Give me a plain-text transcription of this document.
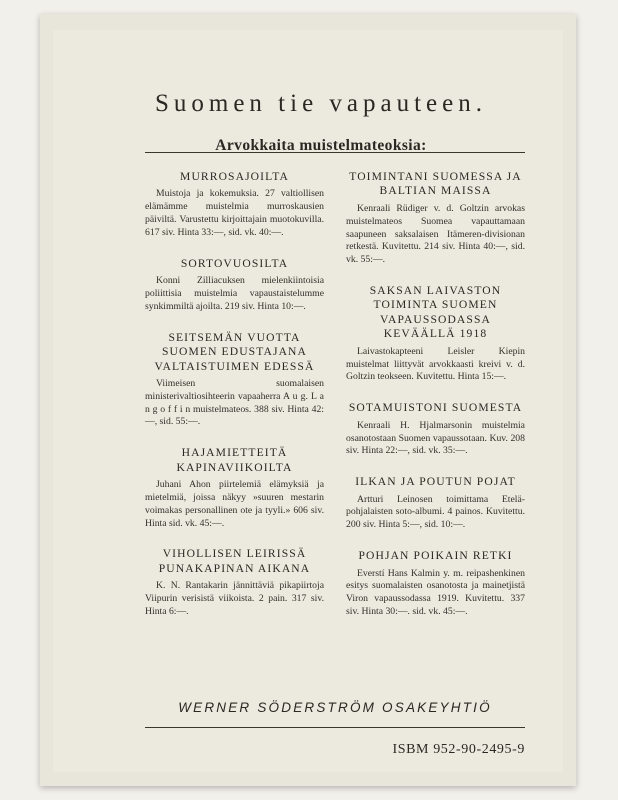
Suomen tie vapauteen.
Arvokkaita muistelmateoksia:
MURROSAJOILTA
Muistoja ja kokemuksia. 27 valtiollisen elämämme muistelmia murroskausien päiviltä. Varustettu kirjoittajain muotokuvilla. 617 siv. Hinta 33:—, sid. vk. 40:—.
SORTOVUOSILTA
Konni Zilliacuksen mielenkiintoisia poliittisia muistelmia vapaustaistelumme synkimmiltä ajoilta. 219 siv. Hinta 10:—.
SEITSEMÄN VUOTTA SUOMEN EDUSTAJANA VALTAISTUIMEN EDESSÄ
Viimeisen suomalaisen ministerivaltiosihteerin vapaaherra A u g. L a n g o f f i n muistelmateos. 388 siv. Hinta 42:—, sid. 55:—.
HAJAMIETTEITÄ KAPINAVIIKOILTA
Juhani Ahon piirtelemiä elämyksiä ja mietelmiä, joissa näkyy »suuren mestarin voimakas personallinen ote ja tyyli.» 606 siv. Hinta sid. vk. 45:—.
VIHOLLISEN LEIRISSÄ PUNAKAPINAN AIKANA
K. N. Rantakarin jännittäviä pikapiirtoja Viipurin verisistä viikoista. 2 pain. 317 siv. Hinta 6:—.
TOIMINTANI SUOMESSA JA BALTIAN MAISSA
Kenraali Rüdiger v. d. Goltzin arvokas muistelmateos Suomea vapauttamaan saapuneen saksalaisen Itämeren-divisionan retkestä. Kuvitettu. 214 siv. Hinta 40:—, sid. vk. 55:—.
SAKSAN LAIVASTON TOIMINTA SUOMEN VAPAUSSODASSA KEVÄÄLLÄ 1918
Laivastokapteeni Leisler Kiepin muistelmat liittyvät arvokkaasti kreivi v. d. Goltzin teokseen. Kuvitettu. Hinta 15:—.
SOTAMUISTONI SUOMESTA
Kenraali H. Hjalmarsonin muistelmia osanotostaan Suomen vapaussotaan. Kuv. 208 siv. Hinta 22:—, sid. vk. 35:—.
ILKAN JA POUTUN POJAT
Artturi Leinosen toimittama Etelä-pohjalaisten soto-albumi. 4 painos. Kuvitettu. 200 siv. Hinta 5:—, sid. 10:—.
POHJAN POIKAIN RETKI
Everstí Hans Kalmin y. m. reipashenkinen esitys suomalaisten osanotosta ja mainetjistä Viron vapaussodassa 1919. Kuvitettu. 337 siv. Hinta 30:—. sid. vk. 45:—.
WERNER SÖDERSTRÖM OSAKEYHTIÖ
ISBM 952-90-2495-9
